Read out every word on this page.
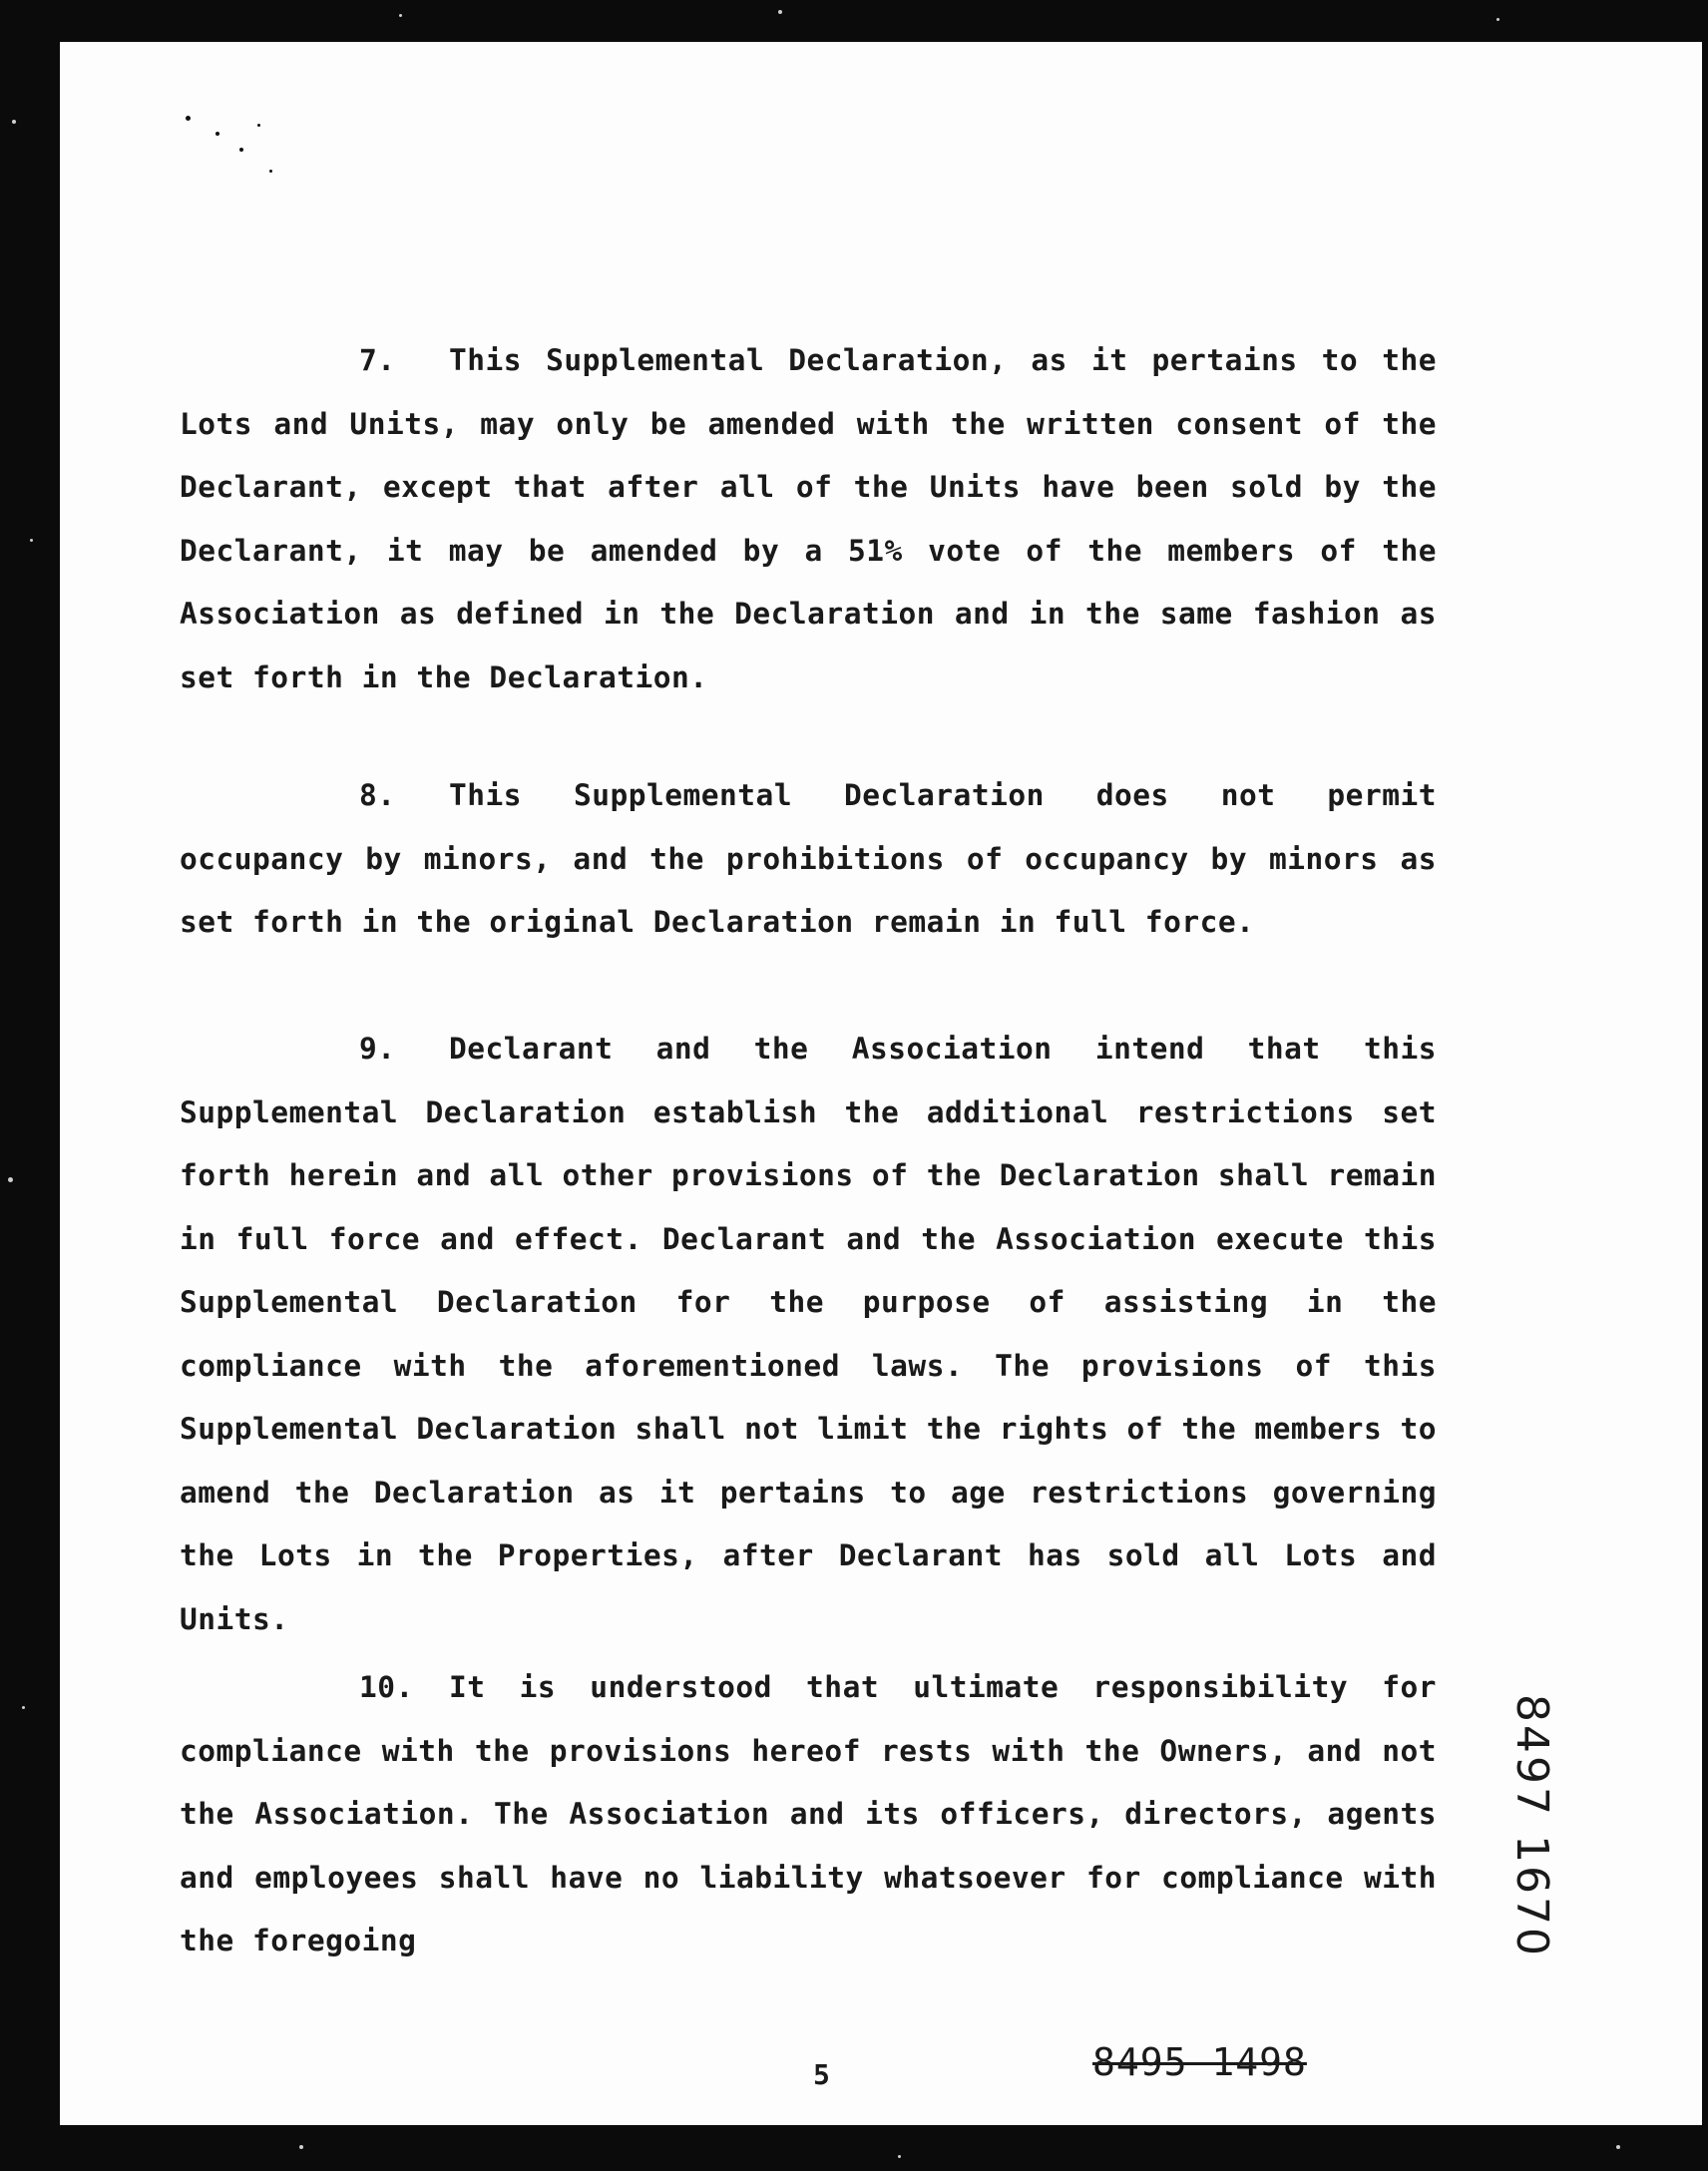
7. This Supplemental Declaration, as it pertains to the Lots and Units, may only be amended with the written consent of the Declarant, except that after all of the Units have been sold by the Declarant, it may be amended by a 51% vote of the members of the Association as defined in the Declaration and in the same fashion as set forth in the Declaration.

8. This Supplemental Declaration does not permit occupancy by minors, and the prohibitions of occupancy by minors as set forth in the original Declaration remain in full force.

9. Declarant and the Association intend that this Supplemental Declaration establish the additional restrictions set forth herein and all other provisions of the Declaration shall remain in full force and effect. Declarant and the Association execute this Supplemental Declaration for the purpose of assisting in the compliance with the aforementioned laws. The provisions of this Supplemental Declaration shall not limit the rights of the members to amend the Declaration as it pertains to age restrictions governing the Lots in the Properties, after Declarant has sold all Lots and Units.

10. It is understood that ultimate responsibility for compliance with the provisions hereof rests with the Owners, and not the Association. The Association and its officers, directors, agents and employees shall have no liability whatsoever for compliance with the foregoing	8497 1670
5	8495 1498
